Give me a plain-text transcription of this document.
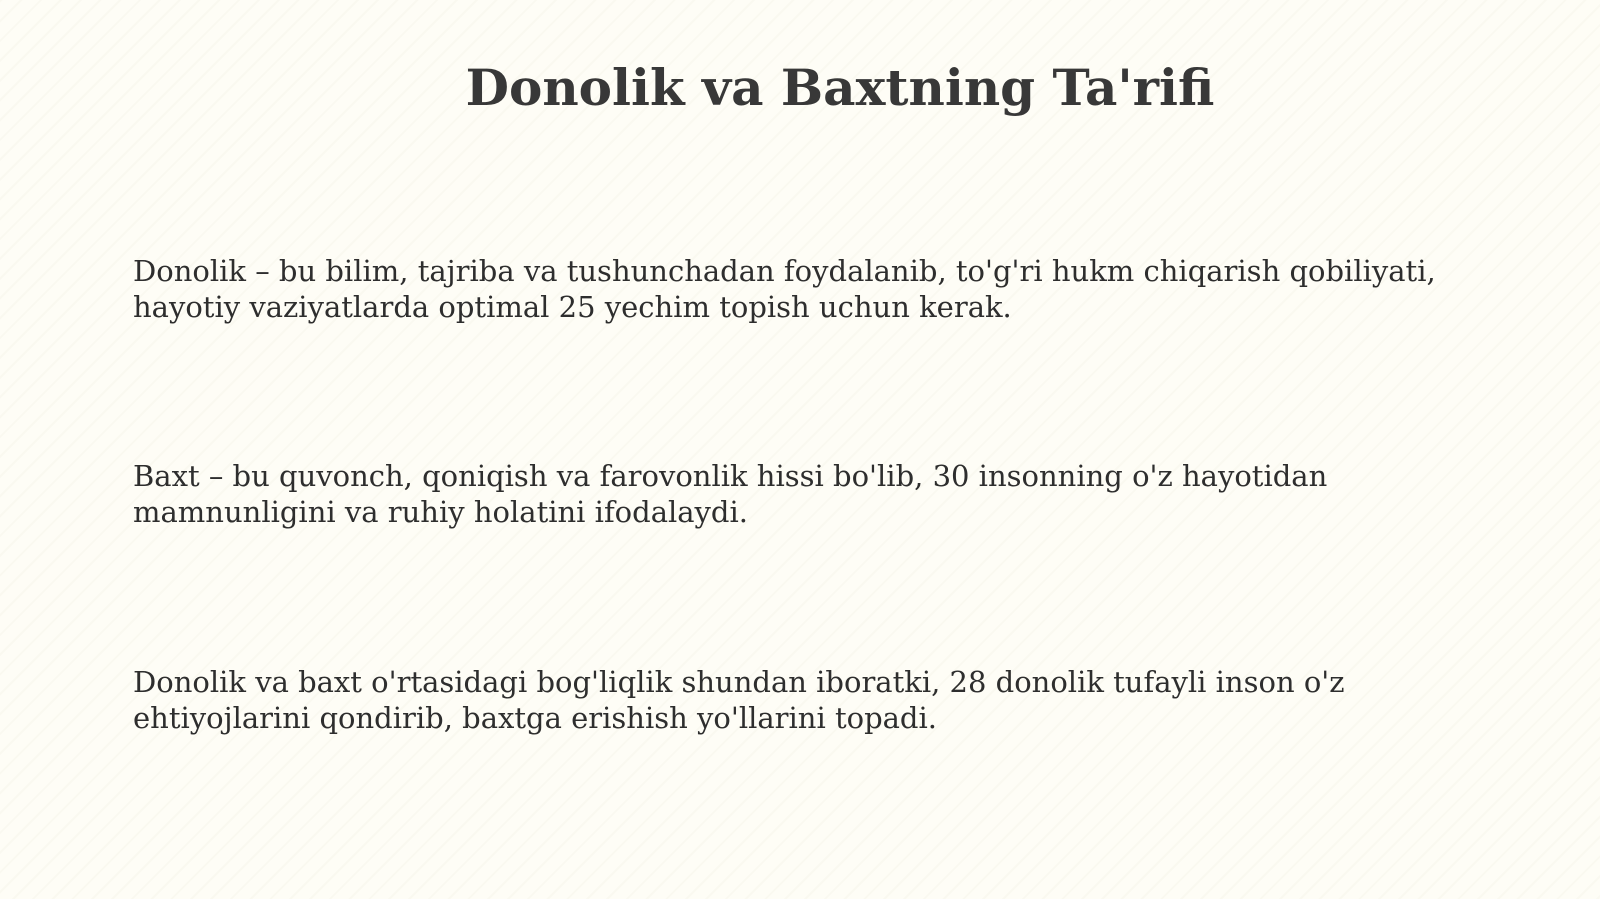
Donolik va Baxtning Ta'rifi

Donolik – bu bilim, tajriba va tushunchadan foydalanib, to'g'ri hukm chiqarish qobiliyati, hayotiy vaziyatlarda optimal 25 yechim topish uchun kerak.

Baxt – bu quvonch, qoniqish va farovonlik hissi bo'lib, 30 insonning o'z hayotidan mamnunligini va ruhiy holatini ifodalaydi.

Donolik va baxt o'rtasidagi bog'liqlik shundan iboratki, 28 donolik tufayli inson o'z ehtiyojlarini qondirib, baxtga erishish yo'llarini topadi.
